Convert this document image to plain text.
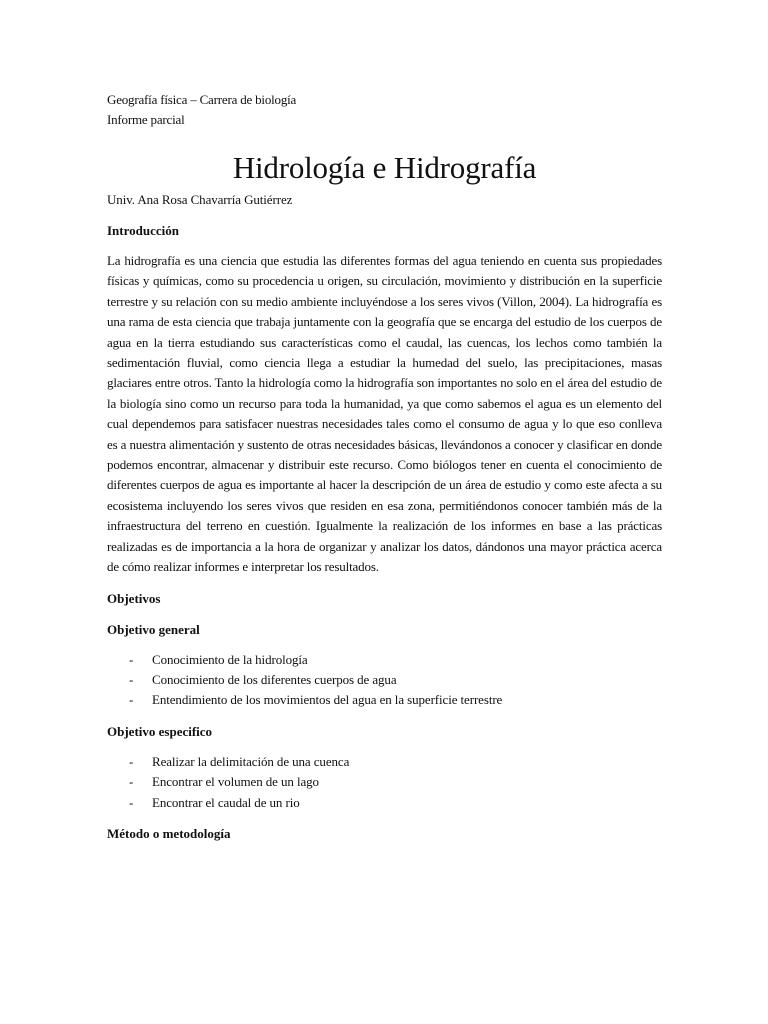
Geografía física – Carrera de biología
Informe parcial
Hidrología e Hidrografía
Univ. Ana Rosa Chavarría Gutiérrez
Introducción
La hidrografía es una ciencia que estudia las diferentes formas del agua teniendo en cuenta sus propiedades físicas y químicas, como su procedencia u origen, su circulación, movimiento y distribución en la superficie terrestre y su relación con su medio ambiente incluyéndose a los seres vivos (Villon, 2004). La hidrografía es una rama de esta ciencia que trabaja juntamente con la geografía que se encarga del estudio de los cuerpos de agua en la tierra estudiando sus características como el caudal, las cuencas, los lechos como también la sedimentación fluvial, como ciencia llega a estudiar la humedad del suelo, las precipitaciones, masas glaciares entre otros. Tanto la hidrología como la hidrografía son importantes no solo en el área del estudio de la biología sino como un recurso para toda la humanidad, ya que como sabemos el agua es un elemento del cual dependemos para satisfacer nuestras necesidades tales como el consumo de agua y lo que eso conlleva es a nuestra alimentación y sustento de otras necesidades básicas, llevándonos a conocer y clasificar en donde podemos encontrar, almacenar y distribuir este recurso. Como biólogos tener en cuenta el conocimiento de diferentes cuerpos de agua es importante al hacer la descripción de un área de estudio y como este afecta a su ecosistema incluyendo los seres vivos que residen en esa zona, permitiéndonos conocer también más de la infraestructura del terreno en cuestión. Igualmente la realización de los informes en base a las prácticas realizadas es de importancia a la hora de organizar y analizar los datos, dándonos una mayor práctica acerca de cómo realizar informes e interpretar los resultados.
Objetivos
Objetivo general
- Conocimiento de la hidrología
- Conocimiento de los diferentes cuerpos de agua
- Entendimiento de los movimientos del agua en la superficie terrestre
Objetivo especifico
- Realizar la delimitación de una cuenca
- Encontrar el volumen de un lago
- Encontrar el caudal de un rio
Método o metodología
